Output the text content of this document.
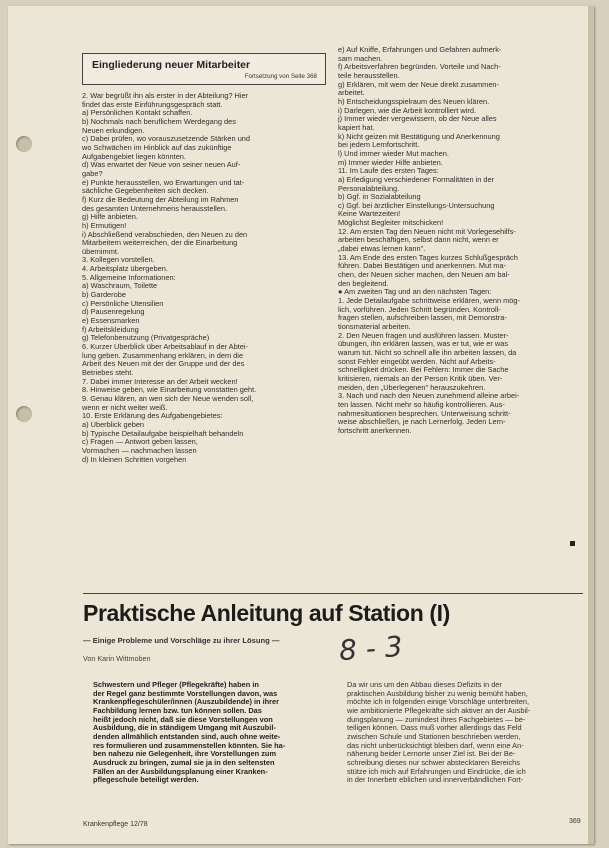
Eingliederung neuer Mitarbeiter
Fortsetzung von Seite 368

2. War begrüßt ihn als erster in der Abteilung? Hier

findet das erste Einführungsgespräch statt.

a) Persönlichen Kontakt schaffen.

b) Nochmals nach beruflichem Werdegang des

Neuen erkundigen.

c) Dabei prüfen, wo vorauszusetzende Stärken und

wo Schwächen im Hinblick auf das zukünftige

Aufgabengebiet liegen könnten.

d) Was erwartet der Neue von seiner neuen Auf-

gabe?

e) Punkte herausstellen, wo Erwartungen und tat-

sächliche Gegebenheiten sich decken.

f) Kurz die Bedeutung der Abteilung im Rahmen

des gesamten Unternehmens herausstellen.

g) Hilfe anbieten.

h) Ermutigen!

i) Abschließend verabschieden, den Neuen zu den

Mitarbeitern weiterreichen, der die Einarbeitung

übernimmt.

3. Kollegen vorstellen.

4. Arbeitsplatz übergeben.

5. Allgemeine Informationen:

a) Waschraum, Toilette

b) Garderobe

c) Persönliche Utensilien

d) Pausenregelung

e) Essensmarken

f) Arbeitskleidung

g) Telefonbenutzung (Privatgespräche)

6. Kurzer Überblick über Arbeitsablauf in der Abtei-

lung geben. Zusammenhang erklären, in dem die

Arbeit des Neuen mit der der Gruppe und der des

Betriebes steht.

7. Dabei immer Interesse an der Arbeit wecken!

8. Hinweise geben, wie Einarbeitung vonstatten geht.

9. Genau klären, an wen sich der Neue wenden soll,

wenn er nicht weiter weiß.

10. Erste Erklärung des Aufgabengebietes:

a) Überblick geben

b) Typische Detailaufgabe beispielhaft behandeln

c) Fragen — Antwort geben lassen,

Vormachen — nachmachen lassen

d) In kleinen Schritten vorgehen

e) Auf Kniffe, Erfahrungen und Gefahren aufmerk-

sam machen.

f) Arbeitsverfahren begründen. Vorteile und Nach-

teile herausstellen.

g) Erklären, mit wem der Neue direkt zusammen-

arbeitet.

h) Entscheidungsspielraum des Neuen klären.

i) Darlegen, wie die Arbeit kontrolliert wird.

j) Immer wieder vergewissern, ob der Neue alles

kapiert hat.

k) Nicht geizen mit Bestätigung und Anerkennung

bei jedem Lernfortschritt.

l) Und immer wieder Mut machen.

m) Immer wieder Hilfe anbieten.

11. Im Laufe des ersten Tages:

a) Erledigung verschiedener Formalitäten in der

Personalabteilung.

b) Ggf. in Sozialabteilung

c) Ggf. bei ärztlicher Einstellungs-Untersuchung

Keine Wartezeiten!

Möglichst Begleiter mitschicken!

12. Am ersten Tag den Neuen nicht mit Vorlegesehilfs-

arbeiten beschäftigen, selbst dann nicht, wenn er

„dabei etwas lernen kann".

13. Am Ende des ersten Tages kurzes Schlußgespräch

führen. Dabei Bestätigen und anerkennen. Mut ma-

chen, der Neuen sicher machen, den Neuen am bal-

den begleitend.

● Am zweiten Tag und an den nächsten Tagen:

1. Jede Detailaufgabe schrittweise erklären, wenn mög-

lich, vorführen. Jeden Schritt begründen. Kontroll-

fragen stellen, aufschreiben lassen, mit Demonstra-

tionsmaterial arbeiten.

2. Den Neuen fragen und ausführen lassen. Muster-

übungen, ihn erklären lassen, was er tut, wie er was

warum tut. Nicht so schnell alle ihn arbeiten lassen, da

sonst Fehler eingeübt werden. Nicht auf Arbeits-

schnelligkeit drücken. Bei Fehlern: Immer die Sache

kritisieren, niemals an der Person Kritik üben. Ver-

meiden, den „Überlegenen" herauszukehren.

3. Nach und nach den Neuen zunehmend alleine arbei-

ten lassen. Nicht mehr so häufig kontrollieren. Aus-

nahmesituationen besprechen. Unterweisung schritt-

weise abschließen, je nach Lernerfolg. Jeden Lern-

fortschritt anerkennen.

Praktische Anleitung auf Station (I)
— Einige Probleme und Vorschläge zu ihrer Lösung —
Von Karin Wittmoben	8 - 3

Schwestern und Pfleger (Pflegekräfte) haben in

der Regel ganz bestimmte Vorstellungen davon, was

Krankenpflegeschüler/innen (Auszubildende) in ihrer

Fachbildung lernen bzw. tun können sollen. Das

heißt jedoch nicht, daß sie diese Vorstellungen von

Ausbildung, die in ständigem Umgang mit Auszubil-

denden allmählich entstanden sind, auch ohne weite-

res formulieren und zusammenstellen könnten. Sie ha-

ben nahezu nie Gelegenheit, ihre Vorstellungen zum

Ausdruck zu bringen, zumal sie ja in den seltensten

Fällen an der Ausbildungsplanung einer Kranken-

pflegeschule beteiligt werden.

Da wir uns um den Abbau dieses Defizits in der

praktischen Ausbildung bisher zu wenig bemüht haben,

möchte ich in folgenden einige Vorschläge unterbreiten,

wie ambitionierte Pflegekräfte sich aktiver an der Ausbil-

dungsplanung — zumindest ihres Fachgebietes — be-

teiligen können. Dass muß vorher allerdings das Feld

zwischen Schule und Stationen beschrieben werden,

das nicht unberücksichtigt bleiben darf, wenn eine An-

näherung beider Lernorte unser Ziel ist. Bei der Be-

schreibung dieses nur schwer abstecktaren Bereichs

stütze ich mich auf Erfahrungen und Eindrücke, die ich

in der Innerbetr eblichen und innerverbändlichen Fort-

Krankenpflege 12/78	369
